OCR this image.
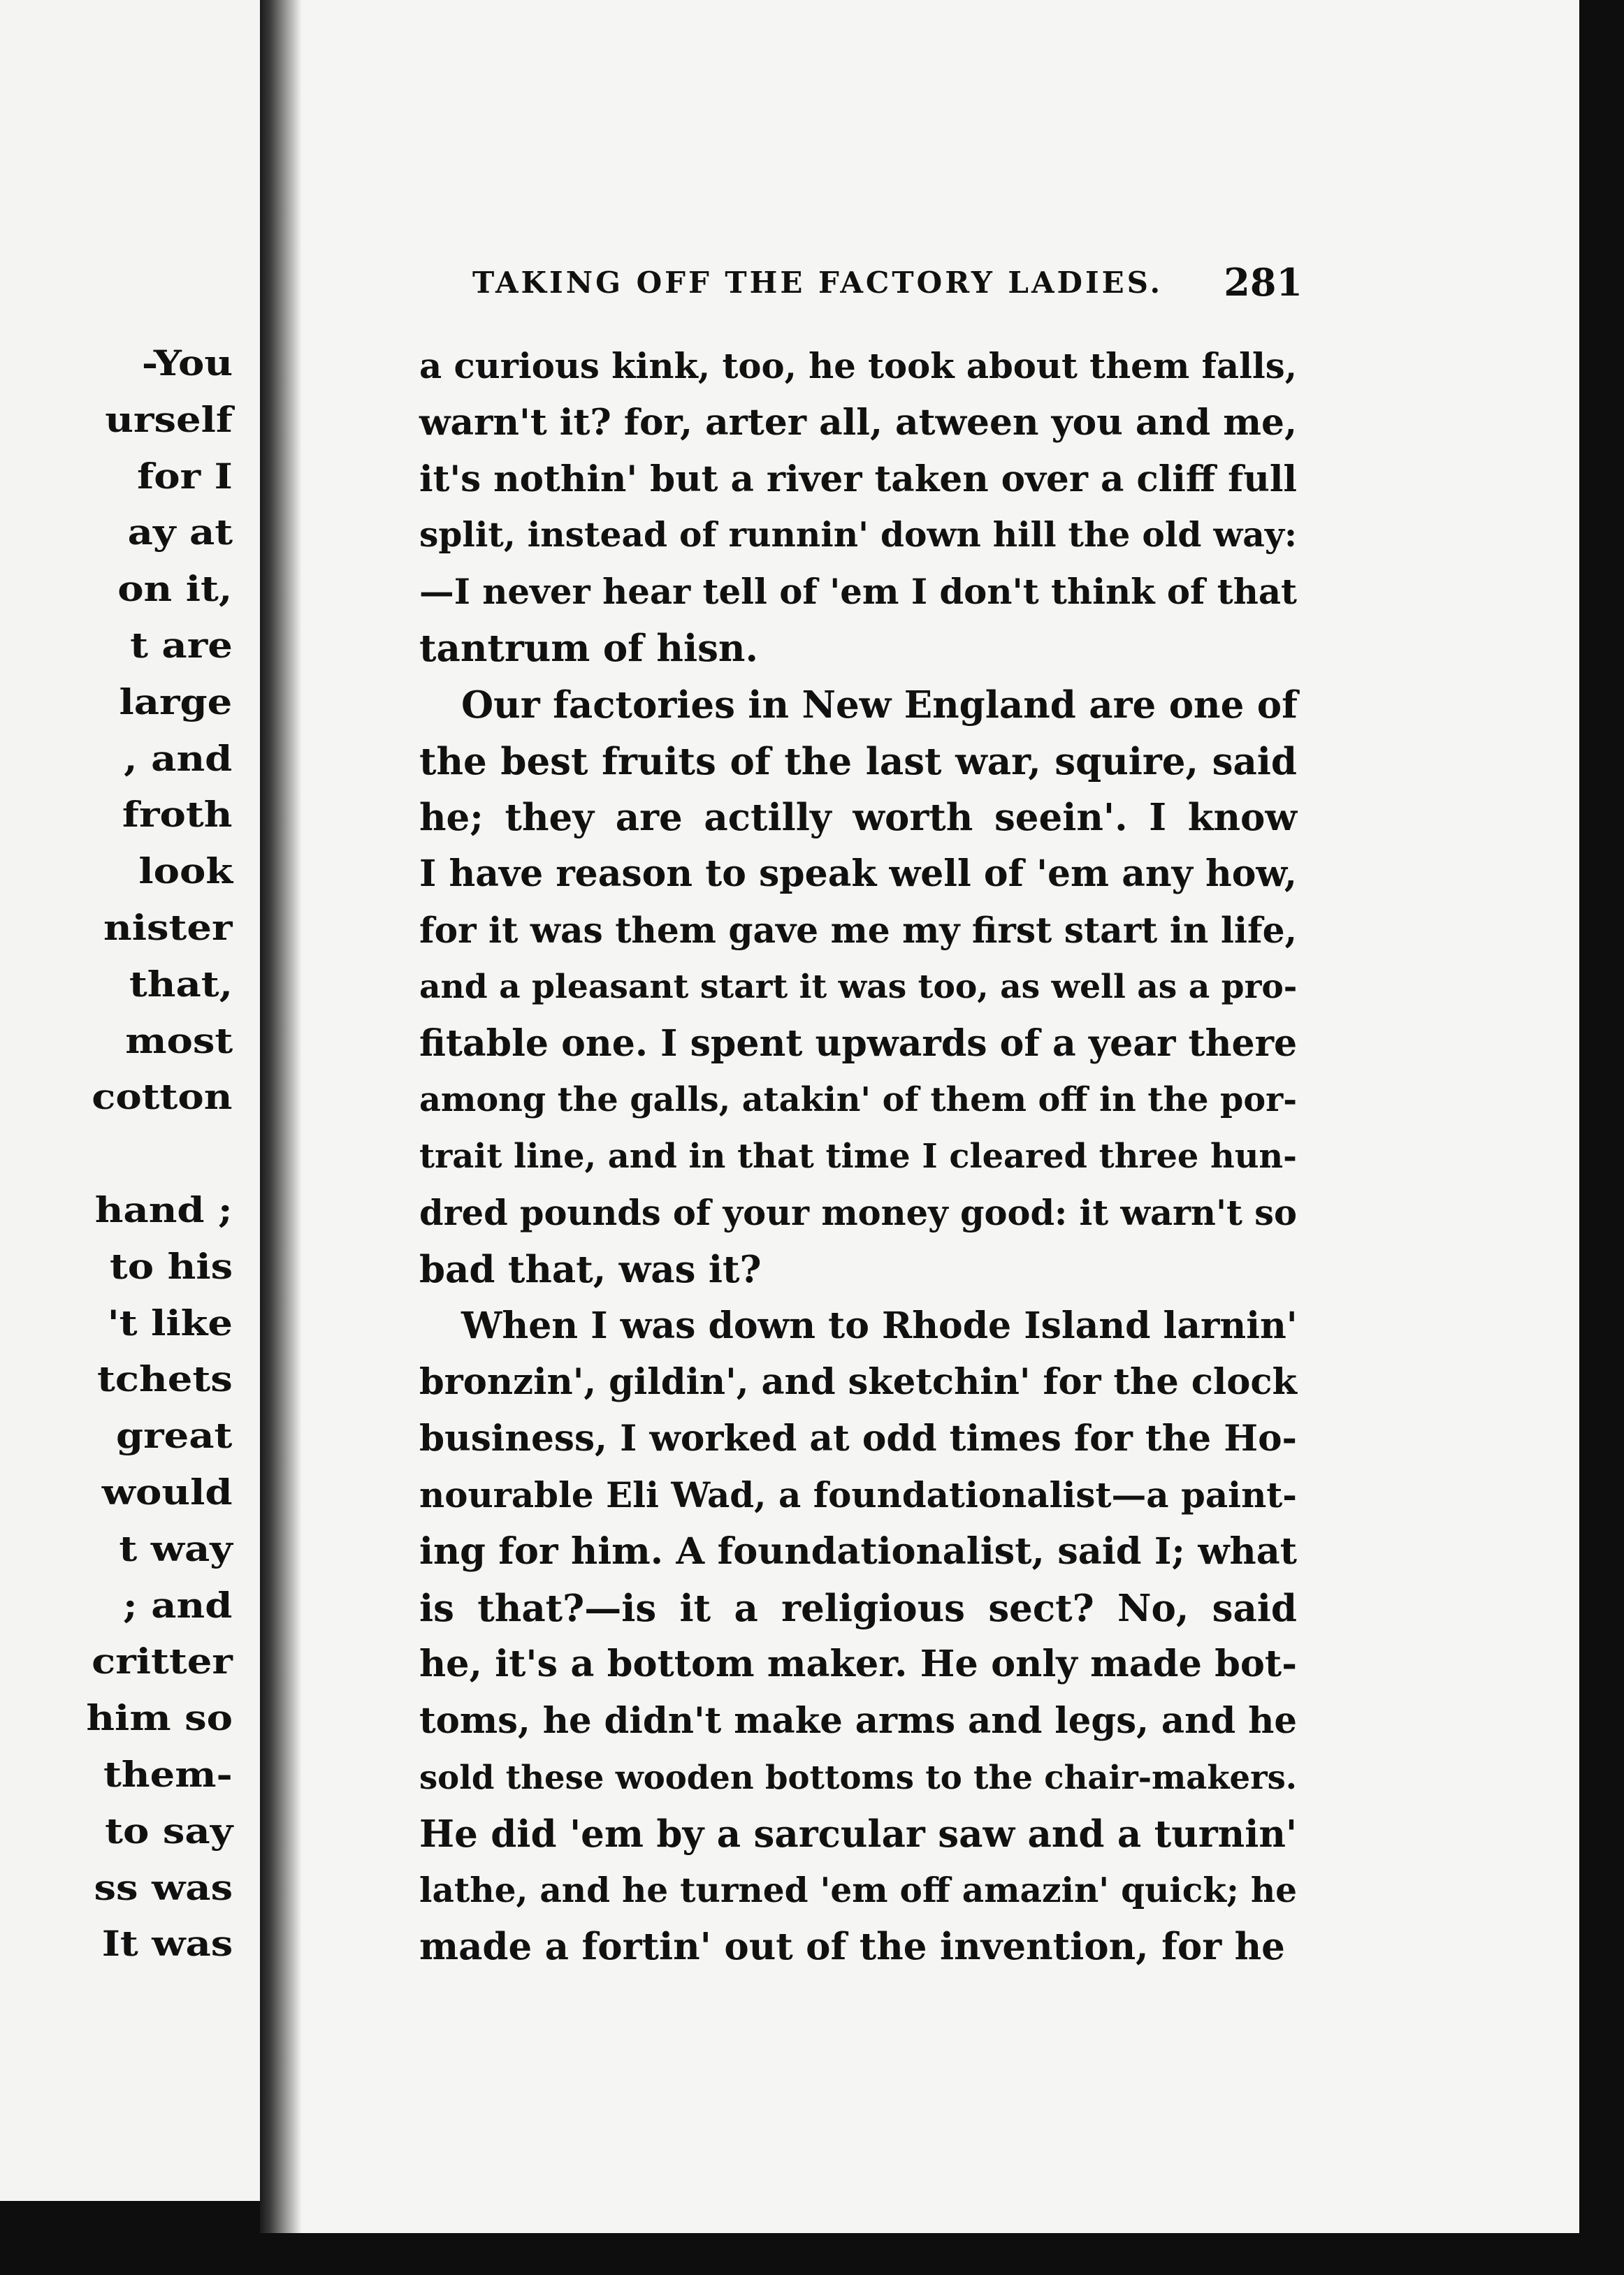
-You

urself

for I

ay at

on it,

t are

large

, and

froth

look

nister

that,

most

cotton

hand ;

to his

't like

tchets

great

would

t way

; and

critter

him so

them-

to say

ss was

It was

TAKING OFF THE FACTORY LADIES. 281

a curious kink, too, he took about them falls,

warn't it? for, arter all, atween you and me,

it's nothin' but a river taken over a cliff full

split, instead of runnin' down hill the old way:

—I never hear tell of 'em I don't think of that

tantrum of hisn.

Our factories in New England are one of

the best fruits of the last war, squire, said

he; they are actilly worth seein'. I know

I have reason to speak well of 'em any how,

for it was them gave me my first start in life,

and a pleasant start it was too, as well as a pro-

fitable one. I spent upwards of a year there

among the galls, atakin' of them off in the por-

trait line, and in that time I cleared three hun-

dred pounds of your money good: it warn't so

bad that, was it?

When I was down to Rhode Island larnin'

bronzin', gildin', and sketchin' for the clock

business, I worked at odd times for the Ho-

nourable Eli Wad, a foundationalist—a paint-

ing for him. A foundationalist, said I; what

is that?—is it a religious sect? No, said

he, it's a bottom maker. He only made bot-

toms, he didn't make arms and legs, and he

sold these wooden bottoms to the chair-makers.

He did 'em by a sarcular saw and a turnin'

lathe, and he turned 'em off amazin' quick; he

made a fortin' out of the invention, for he
